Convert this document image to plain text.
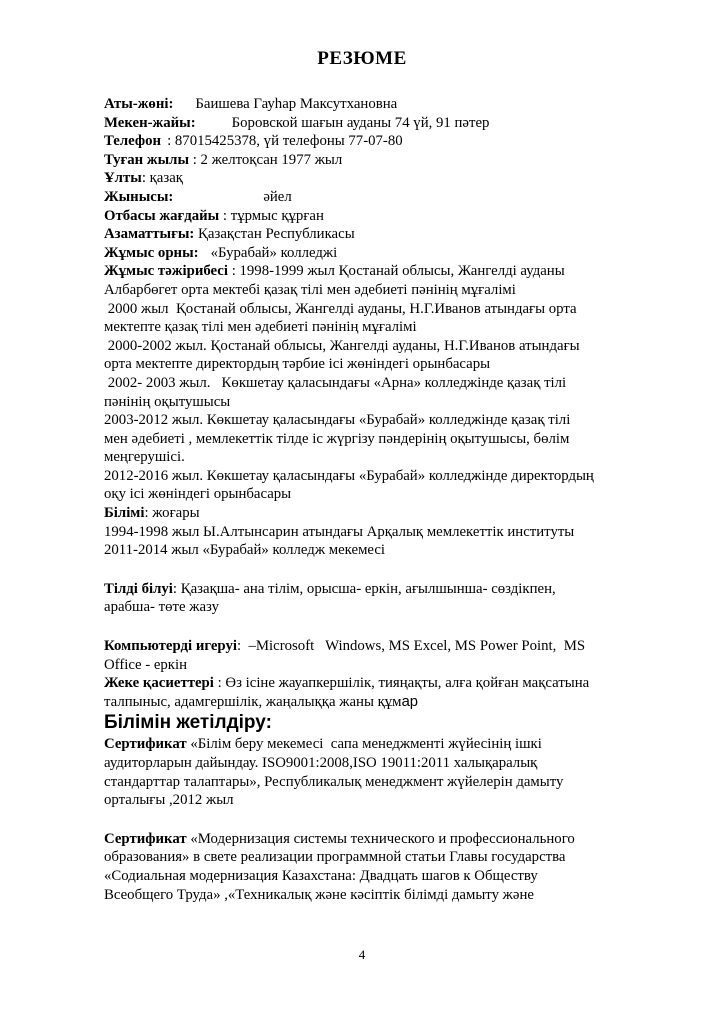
РЕЗЮМЕ

Аты-жөні: Баишева Гауһар Максутхановна

Мекен-жайы: Боровской шағын ауданы 74 үй, 91 пәтер

Телефон : 87015425378, үй телефоны 77-07-80

Туған жылы : 2 желтоқсан 1977 жыл

Ұлты: қазақ

Жынысы:	әйел

Отбасы жағдайы : тұрмыс құрған

Азаматтығы: Қазақстан Республикасы

Жұмыс орны: «Бурабай» колледжі

Жұмыс тәжірибесі : 1998-1999 жыл Қостанай облысы, Жангелді ауданы

Албарбөгет орта мектебі қазақ тілі мен әдебиеті пәнінің мұғалімі

2000 жыл  Қостанай облысы, Жангелді ауданы, Н.Г.Иванов атындағы орта

мектепте қазақ тілі мен әдебиеті пәнінің мұғалімі

2000-2002 жыл. Қостанай облысы, Жангелді ауданы, Н.Г.Иванов атындағы

орта мектепте директордың тәрбие ісі жөніндегі орынбасары

2002- 2003 жыл.   Көкшетау қаласындағы «Арна» колледжінде қазақ тілі

пәнінің оқытушысы

2003-2012 жыл. Көкшетау қаласындағы «Бурабай» колледжінде қазақ тілі

мен әдебиеті , мемлекеттік тілде іс жүргізу пәндерінің оқытушысы, бөлім

меңгерушісі.

2012-2016 жыл. Көкшетау қаласындағы «Бурабай» колледжінде директордың

оқу ісі жөніндегі орынбасары

Білімі: жоғары

1994-1998 жыл Ы.Алтынсарин атындағы Арқалық мемлекеттік институты

2011-2014 жыл «Бурабай» колледж мекемесі

Тілді білуі: Қазақша- ана тілім, орысша- еркін, ағылшынша- сөздікпен,

арабша- төте жазу

Компьютерді игеруі:  –Microsoft   Windows, MS Excel, MS Power Point,  MS

Office - еркін

Жеке қасиеттері : Өз ісіне жауапкершілік, тияңақты, алға қойған мақсатына

талпыныс, адамгершілік, жаңалыққа жаны құмар

Білімін жетілдіру:

Сертификат «Білім беру мекемесі  сапа менеджменті жүйесінің ішкі

аудиторларын дайындау. ISO9001:2008,ISO 19011:2011 халықаралық

стандарттар талаптары», Республикалық менеджмент жүйелерін дамыту

орталығы ,2012 жыл

Сертификат «Модернизация системы технического и профессионального

образования» в свете реализации программной статьи Главы государства

«Содиальная модернизация Казахстана: Двадцать шагов к Обществу

Всеобщего Труда» ,«Техникалық және кәсіптік білімді дамыту және

4
